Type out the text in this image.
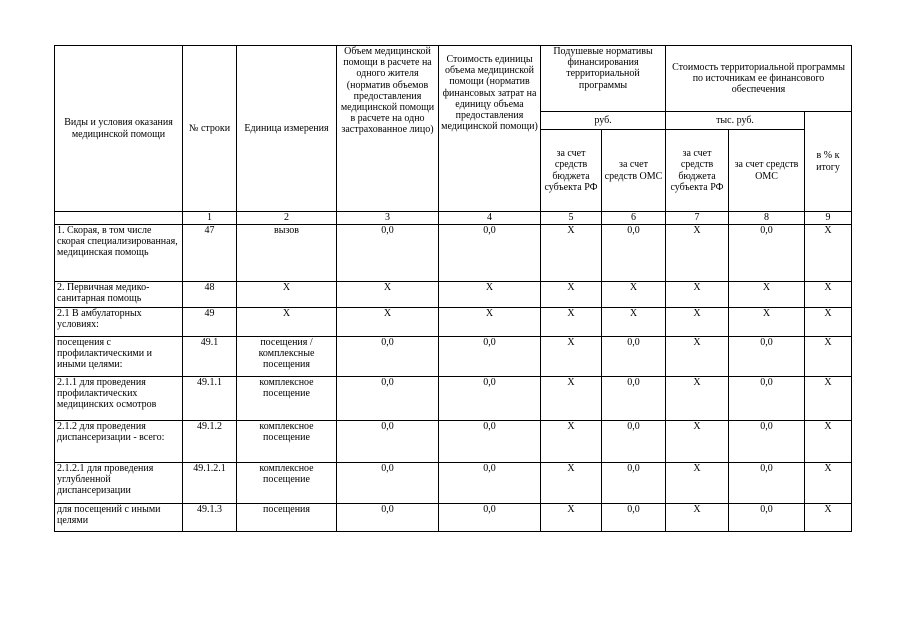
Виды и условия оказания медицинской помощи	№ строки	Единица измерения	Объем медицинской помощи в расчете на одного жителя (норматив объемов предоставления медицинской помощи в расчете на одно застрахованное лицо)	Стоимость единицы объема медицинской помощи (норматив финансовых затрат на единицу объема предоставления медицинской помощи)	Подушевые нормативы финансирования территориальной программы		Стоимость территориальной программы по источникам ее финансового обеспечения		
					руб.		тыс. руб.		в % к итогу
					за счет средств бюджета субъекта РФ	за счет средств ОМС	за счет средств бюджета субъекта РФ	за счет средств ОМС	
	1	2	3	4	5	6	7	8	9
1. Скорая, в том числе скорая специализированная, медицинская помощь	47	вызов	0,0	0,0	X	0,0	X	0,0	X
2. Первичная медико-санитарная помощь	48	X	X	X	X	X	X	X	X
2.1 В амбулаторных условиях:	49	X	X	X	X	X	X	X	X
посещения с профилактическими и иными целями:	49.1	посещения / комплексные посещения	0,0	0,0	X	0,0	X	0,0	X
2.1.1 для проведения профилактических медицинских осмотров	49.1.1	комплексное посещение	0,0	0,0	X	0,0	X	0,0	X
2.1.2 для проведения диспансеризации - всего:	49.1.2	комплексное посещение	0,0	0,0	X	0,0	X	0,0	X
2.1.2.1 для проведения углубленной диспансеризации	49.1.2.1	комплексное посещение	0,0	0,0	X	0,0	X	0,0	X
для посещений с иными целями	49.1.3	посещения	0,0	0,0	X	0,0	X	0,0	X
